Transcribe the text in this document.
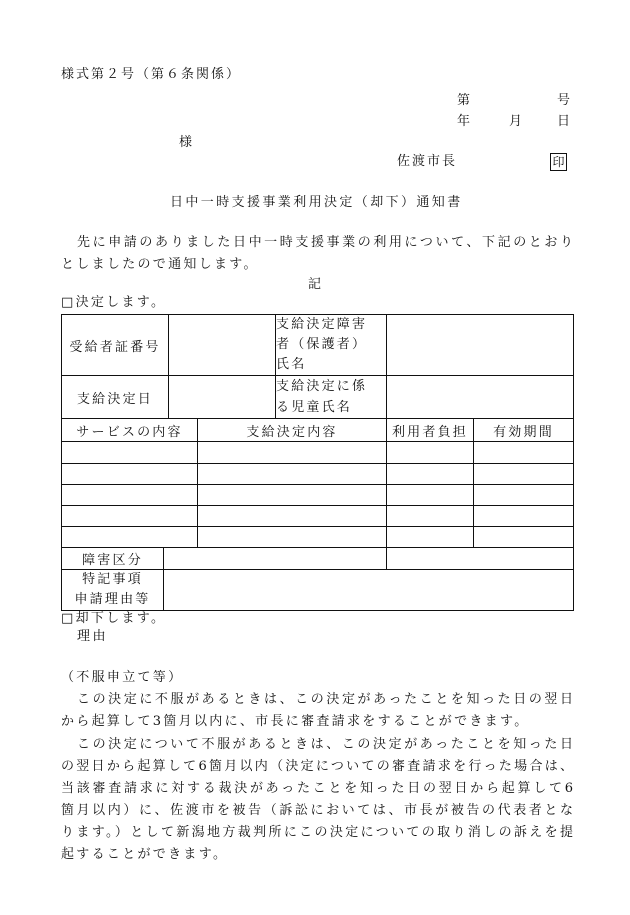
様式第２号（第６条関係）
第	号
年	月	日
様
佐渡市長	印
日中一時支援事業利用決定（却下）通知書
先に申請のありました日中一時支援事業の利用について、下記のとおり
としましたので通知します。
記
□決定します。
受給者証番号		支給決定障害
者（保護者）
氏名	

支給決定日		支給決定に係
る児童氏名	

サービスの内容	支給決定内容	利用者負担	有効期間

障害区分		

特記事項
申請理由等		

□却下します。
理由
（不服申立て等）
この決定に不服があるときは、この決定があったことを知った日の翌日
から起算して3箇月以内に、市長に審査請求をすることができます。
この決定について不服があるときは、この決定があったことを知った日
の翌日から起算して6箇月以内（決定についての審査請求を行った場合は、
当該審査請求に対する裁決があったことを知った日の翌日から起算して6
箇月以内）に、佐渡市を被告（訴訟においては、市長が被告の代表者とな
ります。）として新潟地方裁判所にこの決定についての取り消しの訴えを提
起することができます。
